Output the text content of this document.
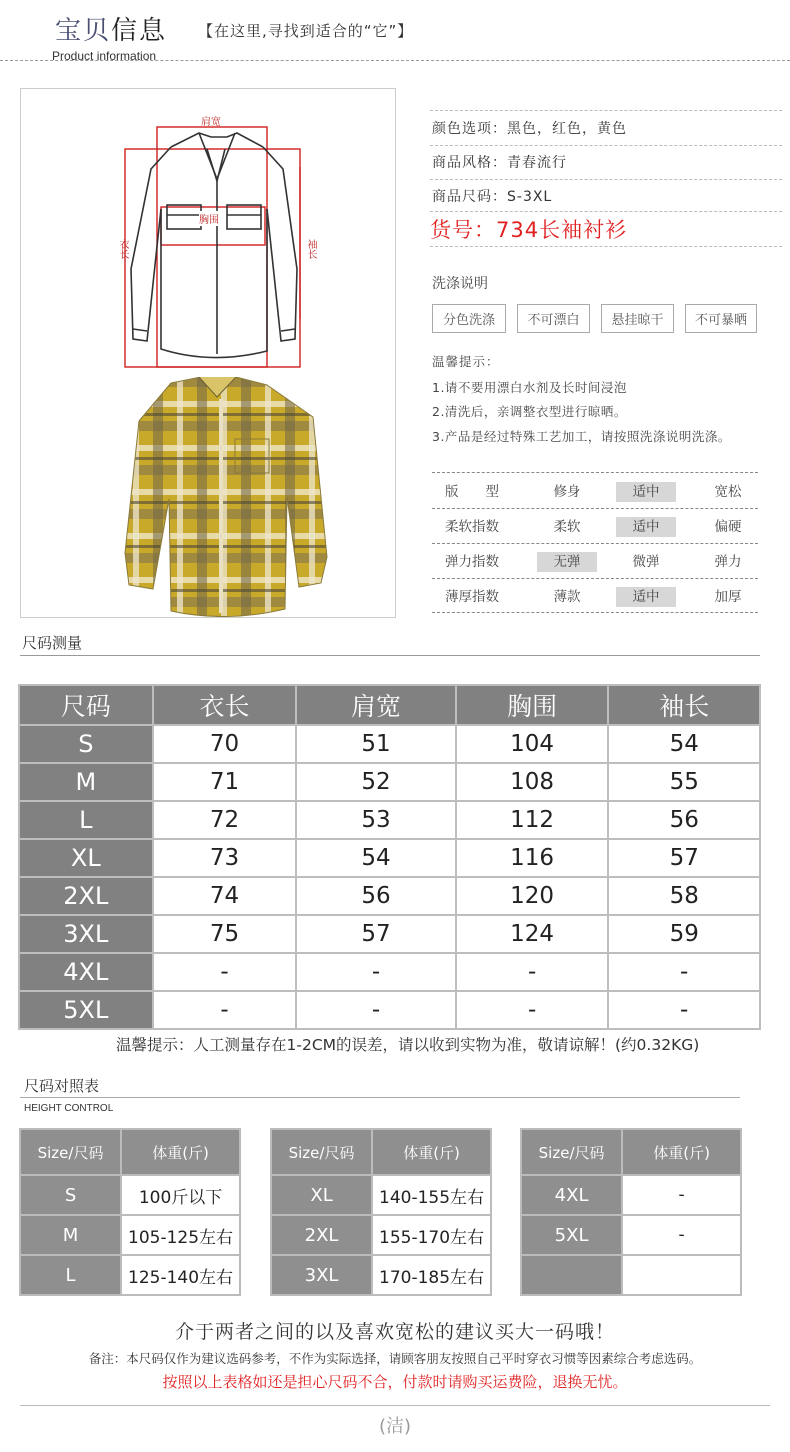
宝贝信息 【在这里,寻找到适合的“它”】
Product information
肩宽
胸围
衣长	袖长
颜色选项：黑色，红色，黄色
商品风格：青春流行
商品尺码：S-3XL
货号：734长袖衬衫
洗涤说明
分色洗涤	不可漂白	悬挂晾干	不可暴晒
温馨提示：
1.请不要用漂白水剂及长时间浸泡
2.清洗后，亲调整衣型进行晾晒。
3.产品是经过特殊工艺加工，请按照洗涤说明洗涤。
版　　型	修身	适中	宽松
柔软指数	柔软	适中	偏硬
弹力指数	无弹	微弹	弹力
薄厚指数	薄款	适中	加厚
尺码测量
尺码	衣长	肩宽	胸围	袖长
S	70	51	104	54
M	71	52	108	55
L	72	53	112	56
XL	73	54	116	57
2XL	74	56	120	58
3XL	75	57	124	59
4XL	-	-	-	-
5XL	-	-	-	-
温馨提示：人工测量存在1-2CM的误差，请以收到实物为准，敬请谅解！(约0.32KG)
尺码对照表
HEIGHT CONTROL
Size/尺码	体重(斤)
S	100斤以下
M	105-125左右
L	125-140左右
Size/尺码	体重(斤)
XL	140-155左右
2XL	155-170左右
3XL	170-185左右
Size/尺码	体重(斤)
4XL	-
5XL	-

介于两者之间的以及喜欢宽松的建议买大一码哦！
备注：本尺码仅作为建议选码参考，不作为实际选择，请顾客朋友按照自己平时穿衣习惯等因素综合考虑选码。
按照以上表格如还是担心尺码不合，付款时请购买运费险，退换无忧。
(洁)
